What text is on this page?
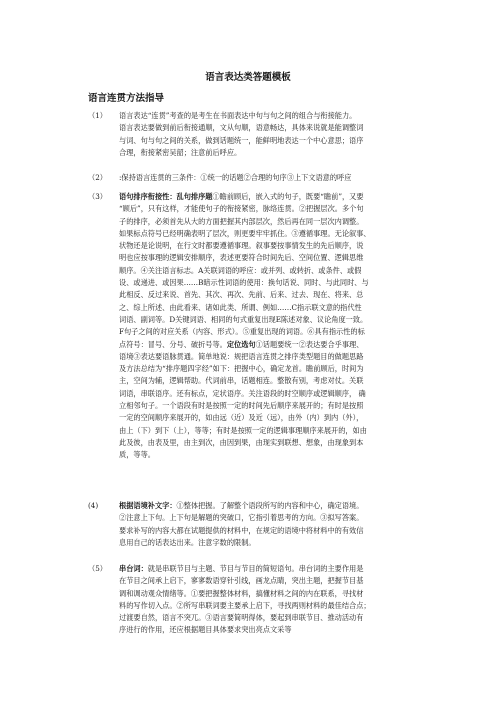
语言表达类答题模板
语言连贯方法指导
（1） 语言表达“连贯”考查的是考生在书面表达中句与句之间的组合与衔接能力。
语言表达要做到前后衔接通顺，文从句顺，语意畅达，具体来说就是能调整词
与词、句与句之间的关系，做到话题统一，能鲜明地表达一个中心意思；语序
合理，衔接紧密吴韶；注意前后呼应。
（2） :保持语言连贯的三条件：①统一的话题②合理的句序③上下文语意的呼应
（3） 语句排序衔接性：乱句排序题①瞻前顾后，嵌入式的句子，既要“瞻前”，又要
“顾后”，只有这样，才能使句子的衔接紧密，脉络连贯。②把握层次。多个句
子的排序，必须首先从大的方面把握其内部层次，然后再在同一层次内调整。
如果标点符号已经明确表明了层次，则更要牢牢抓住。③遵循事理。无论叙事、
状物还是论说明，在行文时都要遵循事理。叙事要按事情发生的先后顺序，说
明也应按事理的逻辑安排顺序，表述更要符合时间先后、空间位置、逻辑思维
顺序。④关注语言标志。A关联词语的呼应：或并列、或转折、或条件、或假
设、或递进、或因果……B暗示性词语的使用：换句话说、同时、与此同时、与
此相反、反过来说、首先、其次、再次、先前、后来、过去、现在、将来、总
之、综上所述、由此看来、诸如此类、所谓、例如……C指示联文意的指代性
词语、副词等。D关键词语、相同的句式重复出现E陈述对象、议论角度一致。
F句子之间的对应关系（内容、形式）。⑤重复出现的词语。⑥具有指示性的标
点符号：冒号、分号、破折号等。定位选句①话题要统一②表达要合乎事理、
语境③表达要语脉贯通。简单地说：规把语言连贯之排序类型题目的做题思路
及方法总结为“排序题四字经”如下：把握中心，确定龙首。瞻前顾后，时间为
主，空间为辅，逻辑帮助。代词前串，话题相连。整散有别，考虑对仗。关联
词语，串联语序。还有标点，定状语序。关注语段的时空顺序或逻辑顺序， 确
立相邻句子。一个语段有时是按照一定的时间先后顺序来展开的；有时是按照
一定的空间顺序来展开的，如由远（近）及近（远），由外（内）到内（外），
由上（下）到下（上），等等；有时是按照一定的逻辑事理顺序来展开的，如由
此及彼，由表及里，由主到次，由因到果，由现实到联想、想象，由现象到本
质，等等。
(4)	根据语境补文字：①整体把握。了解整个语段所写的内容和中心，确定语境。
②注意上下句。上下句是解题的突破口，它指引着思考的方向。③拟写答案。
要求补写的内容大都在试题提供的材料中，在规定的语境中将材料中的有效信
息用自己的话表达出来。注意字数的限制。
（5） 串台词：就是串联节目与主题、节目与节目的简短语句。串台词的主要作用是
在节目之间承上启下，寥寥数语穿针引线，画龙点睛，突出主题，把握节目基
调和调动观众情绪等。①要把握整体材料，搞懂材料之间的内在联系，寻找材
料的写作切入点。②所写串联词要主要承上启下，寻找两则材料的最佳结合点；
过渡要自然，语言不突兀。③语言要简明得体，要起到串联节目、推动活动有
序进行的作用，还应根据题目具体要求突出亮点文采等
